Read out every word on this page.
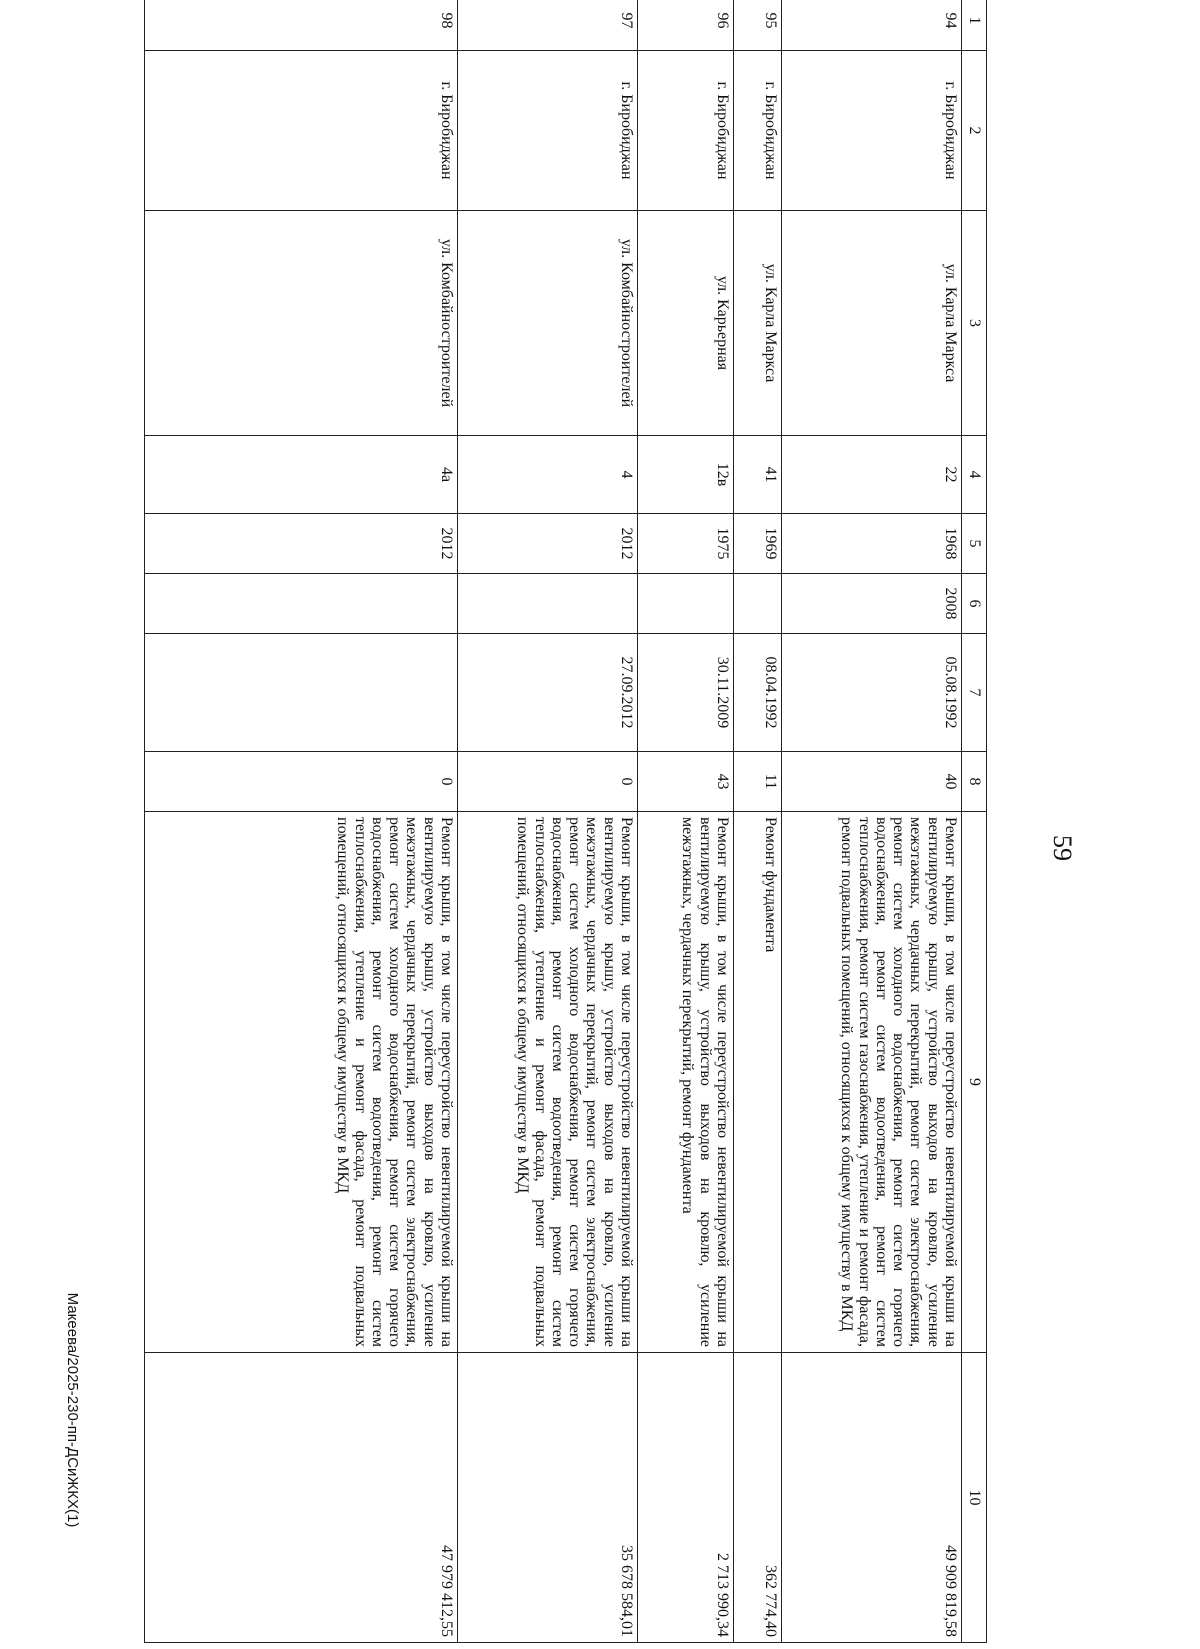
59
1	2	3	4	5	6	7	8	9	10
94	г. Биробиджан	ул. Карла Маркса	22	1968	2008	05.08.1992	40	Ремонт крыши, в том числе переустройство невентилируемой крыши на вентилируемую крышу, устройство выходов на кровлю, усиление межэтажных, чердачных перекрытий, ремонт систем электроснабжения, ремонт систем холодного водоснабжения, ремонт систем горячего водоснабжения, ремонт систем водоотведения, ремонт систем теплоснабжения, ремонт систем газоснабжения, утепление и ремонт фасада, ремонт подвальных помещений, относящихся к общему имуществу в МКД	49 909 819,58
95	г. Биробиджан	ул. Карла Маркса	41	1969		08.04.1992	11	Ремонт фундамента	362 774,40
96	г. Биробиджан	ул. Карьерная	12в	1975		30.11.2009	43	Ремонт крыши, в том числе переустройство невентилируемой крыши на вентилируемую крышу, устройство выходов на кровлю, усиление межэтажных, чердачных перекрытий, ремонт фундамента	2 713 990,34
97	г. Биробиджан	ул. Комбайностроителей	4	2012		27.09.2012	0	Ремонт крыши, в том числе переустройство невентилируемой крыши на вентилируемую крышу, устройство выходов на кровлю, усиление межэтажных, чердачных перекрытий, ремонт систем электроснабжения, ремонт систем холодного водоснабжения, ремонт систем горячего водоснабжения, ремонт систем водоотведения, ремонт систем теплоснабжения, утепление и ремонт фасада, ремонт подвальных помещений, относящихся к общему имуществу в МКД	35 678 584,01
98	г. Биробиджан	ул. Комбайностроителей	4а	2012			0	Ремонт крыши, в том числе переустройство невентилируемой крыши на вентилируемую крышу, устройство выходов на кровлю, усиление межэтажных, чердачных перекрытий, ремонт систем электроснабжения, ремонт систем холодного водоснабжения, ремонт систем горячего водоснабжения, ремонт систем водоотведения, ремонт систем теплоснабжения, утепление и ремонт фасада, ремонт подвальных помещений, относящихся к общему имуществу в МКД	47 979 412,55
Макеева/2025-230-пп-ДСиЖКХ(1)
